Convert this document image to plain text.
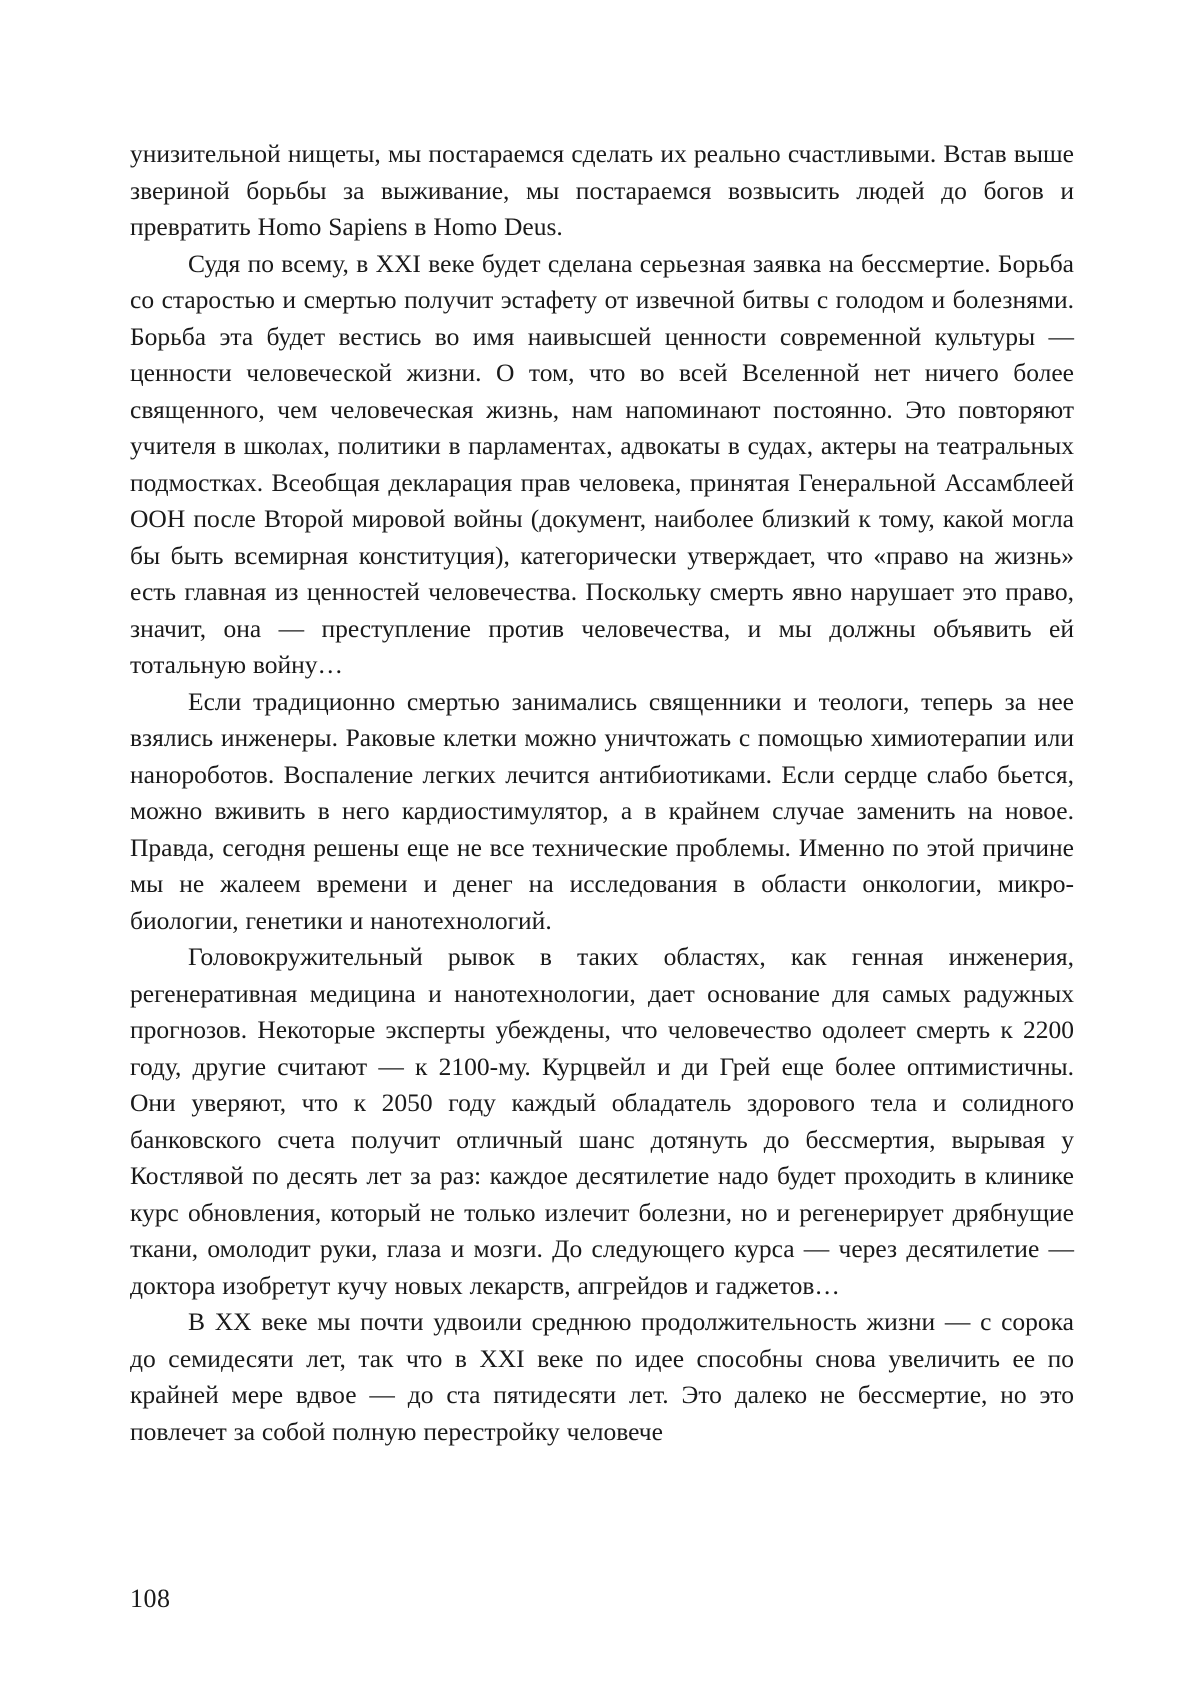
унизительной нищеты, мы постараемся сделать их реально счастливыми. Встав выше звериной борьбы за выживание, мы постараемся возвысить людей до богов и превратить Homo Sapiens в Homo Deus.

Судя по всему, в XXI веке будет сделана серьезная заявка на бессмертие. Борьба со старостью и смертью получит эстафету от извечной битвы с голодом и болезнями. Борьба эта будет вестись во имя наивысшей ценности современной культуры — ценности человеческой жизни. О том, что во всей Вселенной нет ничего более священного, чем человеческая жизнь, нам напоминают постоянно. Это повторяют учителя в школах, политики в парламентах, адвокаты в судах, актеры на театральных подмостках. Всеобщая декларация прав человека, принятая Генеральной Ассамблеей ООН после Второй мировой войны (документ, наиболее близкий к тому, какой могла бы быть всемирная конституция), категорически утверждает, что «право на жизнь» есть главная из ценностей человечества. Поскольку смерть явно нарушает это право, значит, она — преступление против человечества, и мы должны объявить ей тотальную войну…

Если традиционно смертью занимались священники и теологи, теперь за нее взялись инженеры. Раковые клетки можно уничтожать с помощью химиотерапии или нанороботов. Воспаление легких лечится антибиотиками. Если сердце слабо бьется, можно вживить в него кардиостимулятор, а в крайнем случае заменить на новое. Правда, сегодня решены еще не все технические проблемы. Именно по этой причине мы не жалеем времени и денег на исследования в области онкологии, микробиологии, генетики и нанотехнологий.

Головокружительный рывок в таких областях, как генная инженерия, регенеративная медицина и нанотехнологии, дает основание для самых радужных прогнозов. Некоторые эксперты убеждены, что человечество одолеет смерть к 2200 году, другие считают — к 2100-му. Курцвейл и ди Грей еще более оптимистичны. Они уверяют, что к 2050 году каждый обладатель здорового тела и солидного банковского счета получит отличный шанс дотянуть до бессмертия, вырывая у Костлявой по десять лет за раз: каждое десятилетие надо будет проходить в клинике курс обновления, который не только излечит болезни, но и регенерирует дрябнущие ткани, омолодит руки, глаза и мозги. До следующего курса — через десятилетие — доктора изобретут кучу новых лекарств, апгрейдов и гаджетов…

В XX веке мы почти удвоили среднюю продолжительность жизни — с сорока до семидесяти лет, так что в XXI веке по идее способны снова увеличить ее по крайней мере вдвое — до ста пятидесяти лет. Это далеко не бессмертие, но это повлечет за собой полную перестройку человече

108
